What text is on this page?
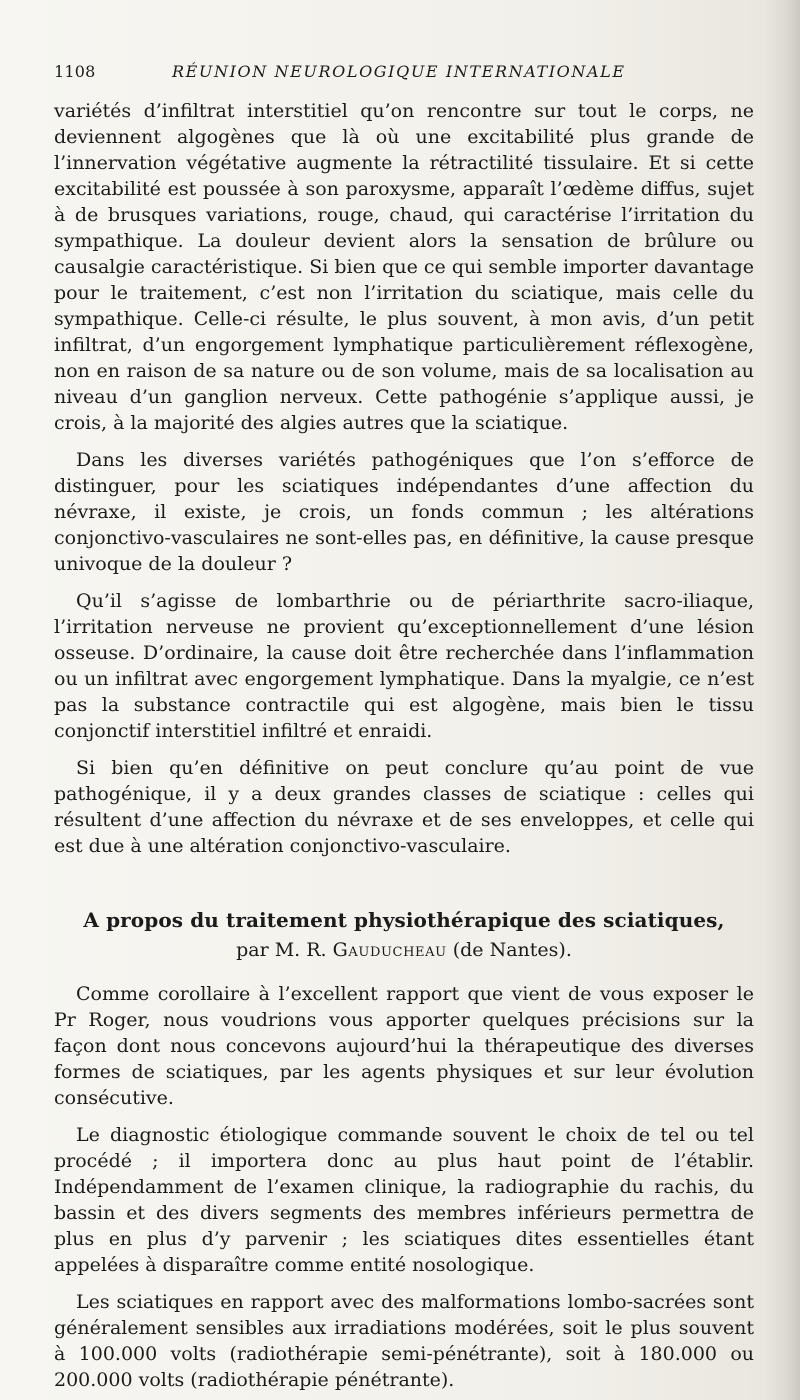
1108	RÉUNION NEUROLOGIQUE INTERNATIONALE

variétés d’infiltrat interstitiel qu’on rencontre sur tout le corps, ne deviennent algogènes que là où une excitabilité plus grande de l’innervation végétative augmente la rétractilité tissulaire. Et si cette excitabilité est poussée à son paroxysme, apparaît l’œdème diffus, sujet à de brusques variations, rouge, chaud, qui caractérise l’irritation du sympathique. La douleur devient alors la sensation de brûlure ou causalgie caractéristique. Si bien que ce qui semble importer davantage pour le traitement, c’est non l’irritation du sciatique, mais celle du sympathique. Celle-ci résulte, le plus souvent, à mon avis, d’un petit infiltrat, d’un engorgement lymphatique particulièrement réflexogène, non en raison de sa nature ou de son volume, mais de sa localisation au niveau d’un ganglion nerveux. Cette pathogénie s’applique aussi, je crois, à la majorité des algies autres que la sciatique.

Dans les diverses variétés pathogéniques que l’on s’efforce de distinguer, pour les sciatiques indépendantes d’une affection du névraxe, il existe, je crois, un fonds commun ; les altérations conjonctivo-vasculaires ne sont-elles pas, en définitive, la cause presque univoque de la douleur ?

Qu’il s’agisse de lombarthrie ou de périarthrite sacro-iliaque, l’irritation nerveuse ne provient qu’exceptionnellement d’une lésion osseuse. D’ordinaire, la cause doit être recherchée dans l’inflammation ou un infiltrat avec engorgement lymphatique. Dans la myalgie, ce n’est pas la substance contractile qui est algogène, mais bien le tissu conjonctif interstitiel infiltré et enraidi.

Si bien qu’en définitive on peut conclure qu’au point de vue pathogénique, il y a deux grandes classes de sciatique : celles qui résultent d’une affection du névraxe et de ses enveloppes, et celle qui est due à une altération conjonctivo-vasculaire.

A propos du traitement physiothérapique des sciatiques,
par M. R. Gauducheau (de Nantes).

Comme corollaire à l’excellent rapport que vient de vous exposer le Pr Roger, nous voudrions vous apporter quelques précisions sur la façon dont nous concevons aujourd’hui la thérapeutique des diverses formes de sciatiques, par les agents physiques et sur leur évolution consécutive.

Le diagnostic étiologique commande souvent le choix de tel ou tel procédé ; il importera donc au plus haut point de l’établir. Indépendamment de l’examen clinique, la radiographie du rachis, du bassin et des divers segments des membres inférieurs permettra de plus en plus d’y parvenir ; les sciatiques dites essentielles étant appelées à disparaître comme entité nosologique.

Les sciatiques en rapport avec des malformations lombo-sacrées sont généralement sensibles aux irradiations modérées, soit le plus souvent à 100.000 volts (radiothérapie semi-pénétrante), soit à 180.000 ou 200.000 volts (radiothérapie pénétrante).
